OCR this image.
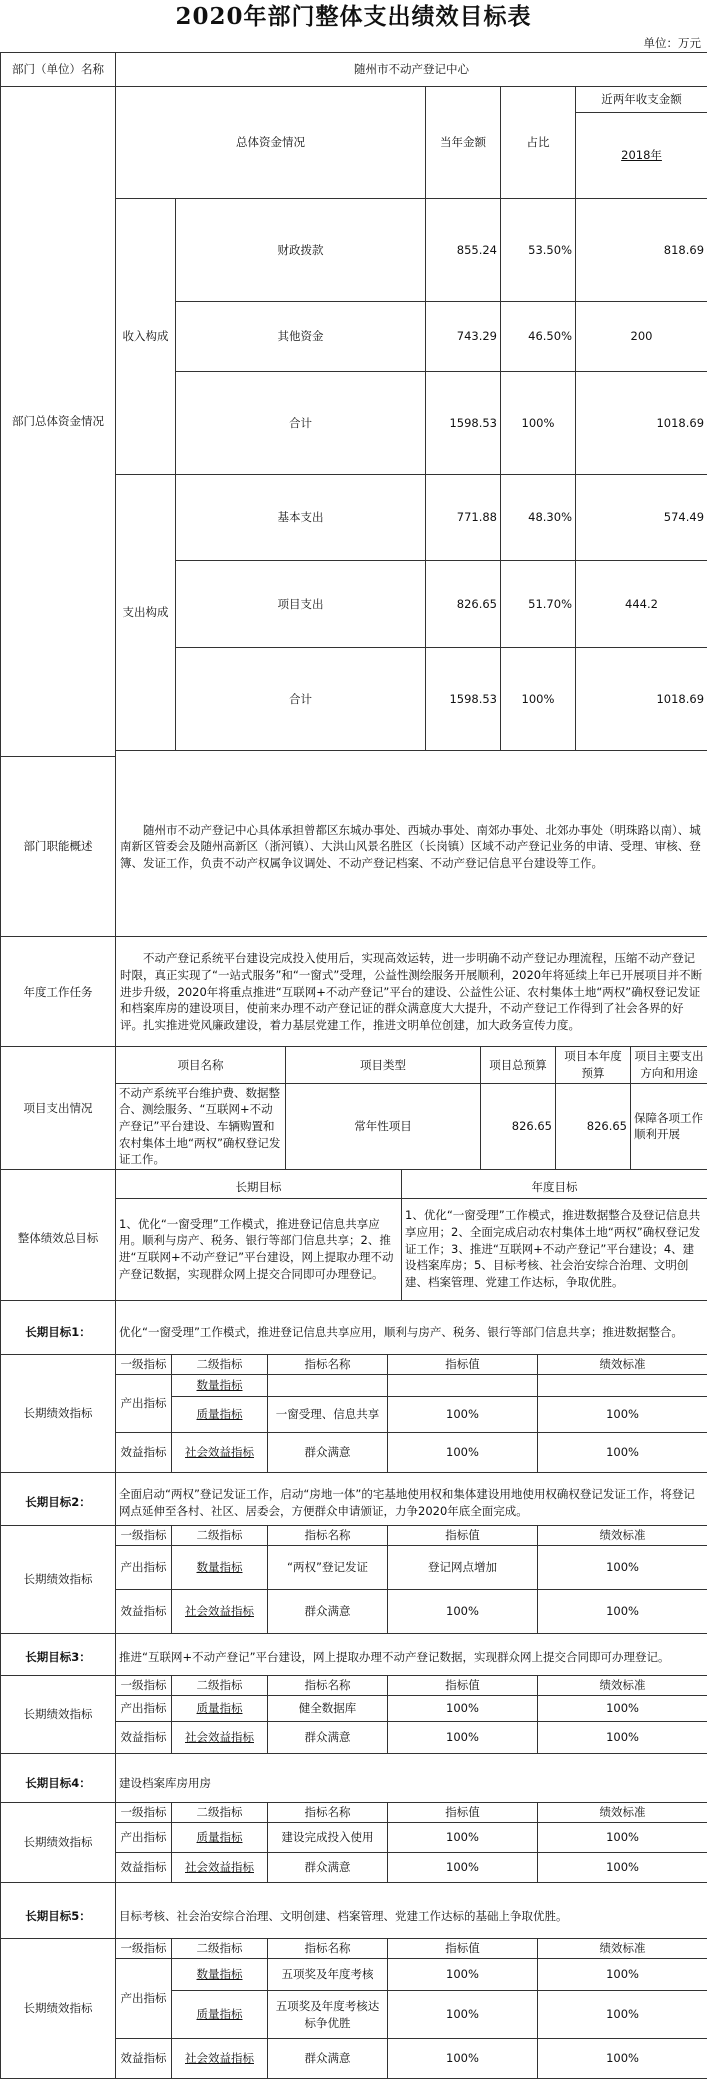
2020年部门整体支出绩效目标表
单位：万元
部门（单位）名称	随州市不动产登记中心					
部门总体资金情况	总体资金情况		当年金额	占比	近两年收支金额	
					2018年	
	收入构成	财政拨款	855.24	53.50%	818.69	
		其他资金	743.29	46.50%	200	
		合计	1598.53	100%	1018.69	
	支出构成	基本支出	771.88	48.30%	574.49	
		项目支出	826.65	51.70%	444.2	
		合计	1598.53	100%	1018.69	

部门职能概述	随州市不动产登记中心具体承担曾都区东城办事处、西城办事处、南郊办事处、北郊办事处（明珠路以南）、城南新区管委会及随州高新区（浙河镇）、大洪山风景名胜区（长岗镇）区域不动产登记业务的申请、受理、审核、登簿、发证工作，负责不动产权属争议调处、不动产登记档案、不动产登记信息平台建设等工作。
年度工作任务	不动产登记系统平台建设完成投入使用后，实现高效运转，进一步明确不动产登记办理流程，压缩不动产登记时限，真正实现了“一站式服务”和“一窗式”受理，公益性测绘服务开展顺利，2020年将延续上年已开展项目并不断进步升级，2020年将重点推进“互联网+不动产登记”平台的建设、公益性公证、农村集体土地“两权”确权登记发证和档案库房的建设项目，使前来办理不动产登记证的群众满意度大大提升，不动产登记工作得到了社会各界的好评。扎实推进党风廉政建设，着力基层党建工作，推进文明单位创建，加大政务宣传力度。
项目支出情况	项目名称	项目类型	项目总预算	项目本年度预算	项目主要支出方向和用途
	不动产系统平台维护费、数据整合、测绘服务、“互联网+不动产登记”平台建设、车辆购置和农村集体土地“两权”确权登记发证工作。	常年性项目	826.65	826.65	保障各项工作顺利开展

整体绩效总目标	长期目标	年度目标
	1、优化“一窗受理”工作模式，推进登记信息共享应用。顺利与房产、税务、银行等部门信息共享；2、推进“互联网+不动产登记”平台建设，网上提取办理不动产登记数据，实现群众网上提交合同即可办理登记。	1、优化“一窗受理”工作模式，推进数据整合及登记信息共享应用；2、全面完成启动农村集体土地“两权”确权登记发证工作；3、推进“互联网+不动产登记”平台建设；4、建设档案库房；5、目标考核、社会治安综合治理、文明创建、档案管理、党建工作达标，争取优胜。

长期目标1：	优化“一窗受理”工作模式，推进登记信息共享应用，顺利与房产、税务、银行等部门信息共享；推进数据整合。				
长期绩效指标	一级指标	二级指标	指标名称	指标值	绩效标准
	产出指标	数量指标			
		质量指标	一窗受理、信息共享	100%	100%
	效益指标	社会效益指标	群众满意	100%	100%

长期目标2：	全面启动“两权”登记发证工作，启动“房地一体”的宅基地使用权和集体建设用地使用权确权登记发证工作，将登记网点延伸至各村、社区、居委会，方便群众申请颁证，力争2020年底全面完成。				
长期绩效指标	一级指标	二级指标	指标名称	指标值	绩效标准
	产出指标	数量指标	“两权”登记发证	登记网点增加	100%
	效益指标	社会效益指标	群众满意	100%	100%

长期目标3：	推进“互联网+不动产登记”平台建设，网上提取办理不动产登记数据，实现群众网上提交合同即可办理登记。				
长期绩效指标	一级指标	二级指标	指标名称	指标值	绩效标准
	产出指标	质量指标	健全数据库	100%	100%
	效益指标	社会效益指标	群众满意	100%	100%

长期目标4：	建设档案库房用房				
长期绩效指标	一级指标	二级指标	指标名称	指标值	绩效标准
	产出指标	质量指标	建设完成投入使用	100%	100%
	效益指标	社会效益指标	群众满意	100%	100%

长期目标5：	目标考核、社会治安综合治理、文明创建、档案管理、党建工作达标的基础上争取优胜。				
长期绩效指标	一级指标	二级指标	指标名称	指标值	绩效标准
	产出指标	数量指标	五项奖及年度考核	100%	100%
		质量指标	五项奖及年度考核达标争优胜	100%	100%
	效益指标	社会效益指标	群众满意	100%	100%
